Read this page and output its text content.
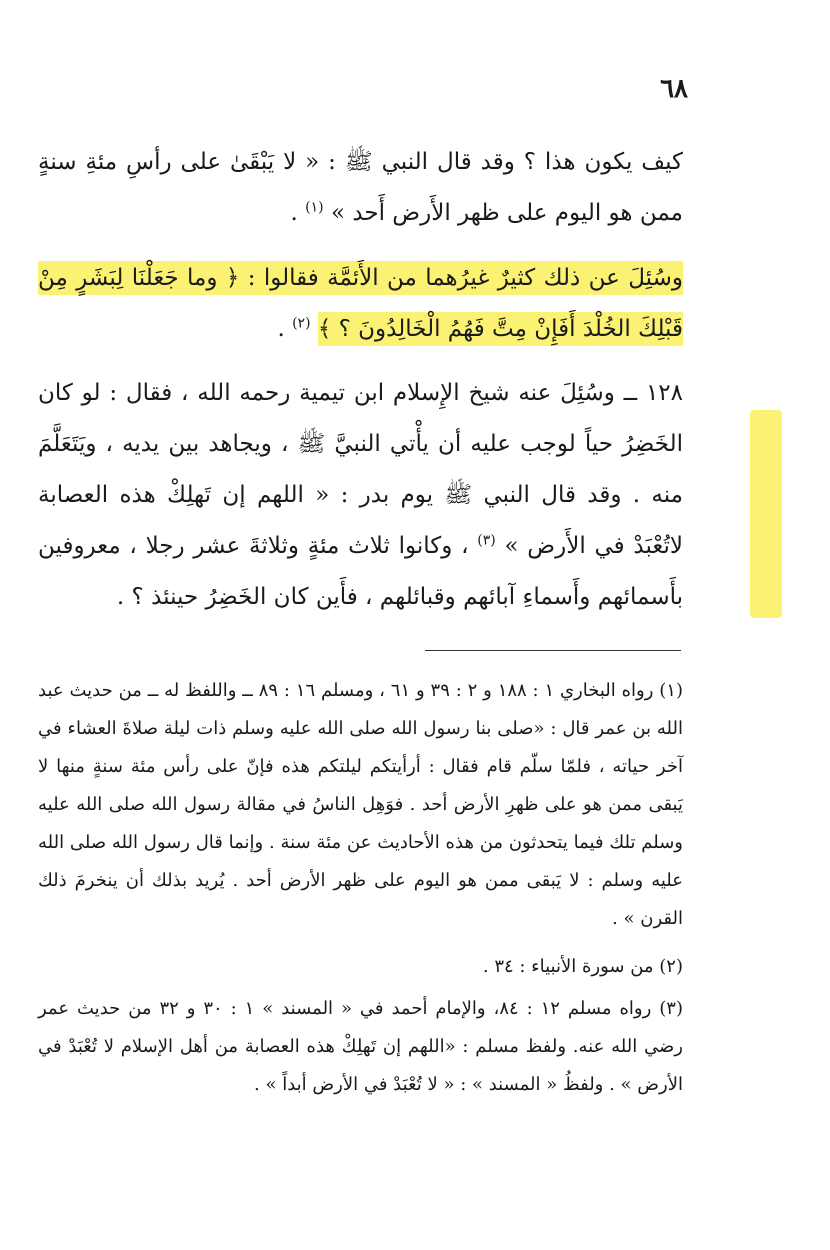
٦٨
كيف يكون هذا ؟ وقد قال النبي ﷺ : « لا يَبْقَىٰ على رأسِ مئةِ سنةٍ ممن هو اليوم على ظهر الأَرض أَحد » $^{(١)}$ .
وسُئِلَ عن ذلك كثيرٌ غيرُهما من الأَئمَّة فقالوا : ﴿ وما جَعَلْنَا لِبَشَرٍ مِنْ قَبْلِكَ الخُلْدَ أَفَإِنْ مِتَّ فَهُمُ الْخَالِدُونَ ؟ ﴾ $^{(٢)}$ .
١٢٨ ــ وسُئِلَ عنه شيخ الإِسلام ابن تيمية رحمه الله ، فقال : لو كان الخَضِرُ حياً لوجب عليه أن يأْتي النبيَّ ﷺ ، ويجاهد بين يديه ، ويَتَعَلَّمَ منه . وقد قال النبي ﷺ يوم بدر : « اللهم إن تَهلِكْ هذه العصابة لاتُعْبَدْ في الأَرض » $^{(٣)}$ ، وكانوا ثلاث مئةٍ وثلاثةَ عشر رجلا ، معروفين بأَسمائهم وأَسماءِ آبائهم وقبائلهم ، فأَين كان الخَضِرُ حينئذ ؟ .
(١) رواه البخاري ١ : ١٨٨ و ٢ : ٣٩ و ٦١ ، ومسلم ١٦ : ٨٩ ــ واللفظ له ــ من حديث عبد الله بن عمر قال : «صلى بنا رسول الله صلى الله عليه وسلم ذات ليلة صلاةَ العشاء في آخر حياته ، فلمّا سلّم قام فقال : أرأيتكم ليلتكم هذه فإنّ على رأس مئة سنةٍ منها لا يَبقى ممن هو على ظهرِ الأرض أحد . فوَهِل الناسُ في مقالة رسول الله صلى الله عليه وسلم تلك فيما يتحدثون من هذه الأحاديث عن مئة سنة . وإنما قال رسول الله صلى الله عليه وسلم : لا يَبقى ممن هو اليوم على ظهر الأرض أحد . يُريد بذلك أن ينخرمَ ذلك القرن » .
(٢) من سورة الأنبياء : ٣٤ .
(٣) رواه مسلم ١٢ : ٨٤، والإمام أحمد في « المسند » ١ : ٣٠ و ٣٢ من حديث عمر رضي الله عنه. ولفظ مسلم : «اللهم إن تَهلِكْ هذه العصابة من أهل الإسلام لا تُعْبَدْ في الأرض » . ولفظُ « المسند » : « لا تُعْبَدْ في الأرض أبداً » .
